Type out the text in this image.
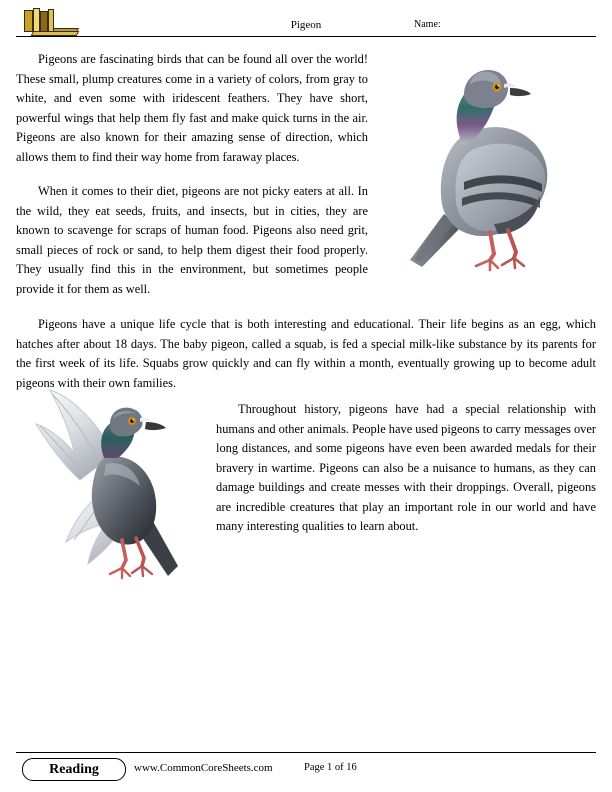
Pigeon	Name:

Pigeons are fascinating birds that can be found all over the world! These small, plump creatures come in a variety of colors, from gray to white, and even some with iridescent feathers. They have short, powerful wings that help them fly fast and make quick turns in the air. Pigeons are also known for their amazing sense of direction, which allows them to find their way home from faraway places.

When it comes to their diet, pigeons are not picky eaters at all. In the wild, they eat seeds, fruits, and insects, but in cities, they are known to scavenge for scraps of human food. Pigeons also need grit, small pieces of rock or sand, to help them digest their food properly. They usually find this in the environment, but sometimes people provide it for them as well.

Pigeons have a unique life cycle that is both interesting and educational. Their life begins as an egg, which hatches after about 18 days. The baby pigeon, called a squab, is fed a special milk-like substance by its parents for the first week of its life. Squabs grow quickly and can fly within a month, eventually growing up to become adult pigeons with their own families.

Throughout history, pigeons have had a special relationship with humans and other animals. People have used pigeons to carry messages over long distances, and some pigeons have even been awarded medals for their bravery in wartime. Pigeons can also be a nuisance to humans, as they can damage buildings and create messes with their droppings. Overall, pigeons are incredible creatures that play an important role in our world and have many interesting qualities to learn about.

Reading	www.CommonCoreSheets.com	Page 1 of 16
